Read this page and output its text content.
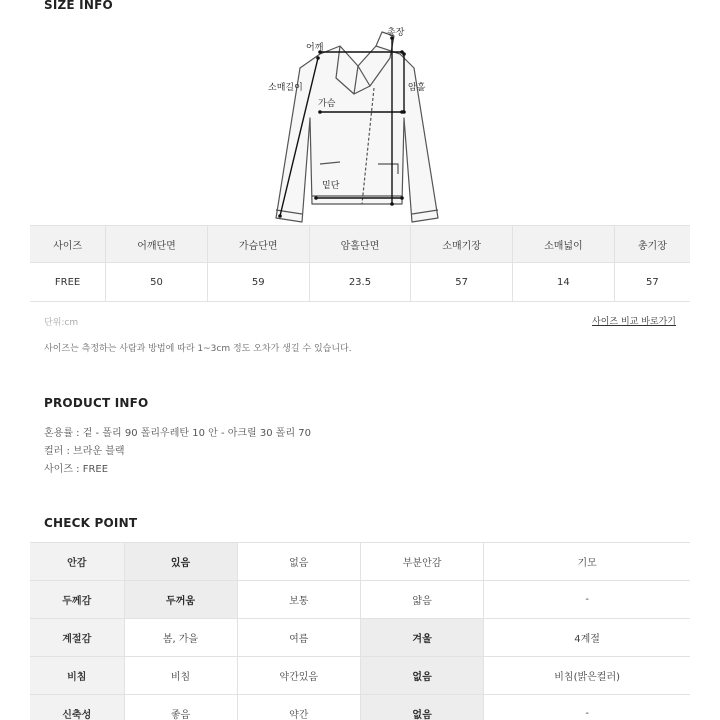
SIZE INFO
총장
어깨
소매길이	암홀
가슴
밑단
사이즈	어깨단면	가슴단면	암홀단면	소매기장	소매넓이	총기장
FREE	50	59	23.5	57	14	57
단위:cm	사이즈 비교 바로가기
사이즈는 측정하는 사람과 방법에 따라 1~3cm 정도 오차가 생길 수 있습니다.
PRODUCT INFO
혼용률 : 겉 - 폴리 90 폴리우레탄 10 안 - 아크릴 30 폴리 70
컬러 : 브라운 블랙
사이즈 : FREE
CHECK POINT
안감	있음	없음	부분안감	기모
두께감	두꺼움	보통	얇음	-
계절감	봄, 가을	여름	겨울	4계절
비침	비침	약간있음	없음	비침(밝은컬러)
신축성	좋음	약간	없음	-
